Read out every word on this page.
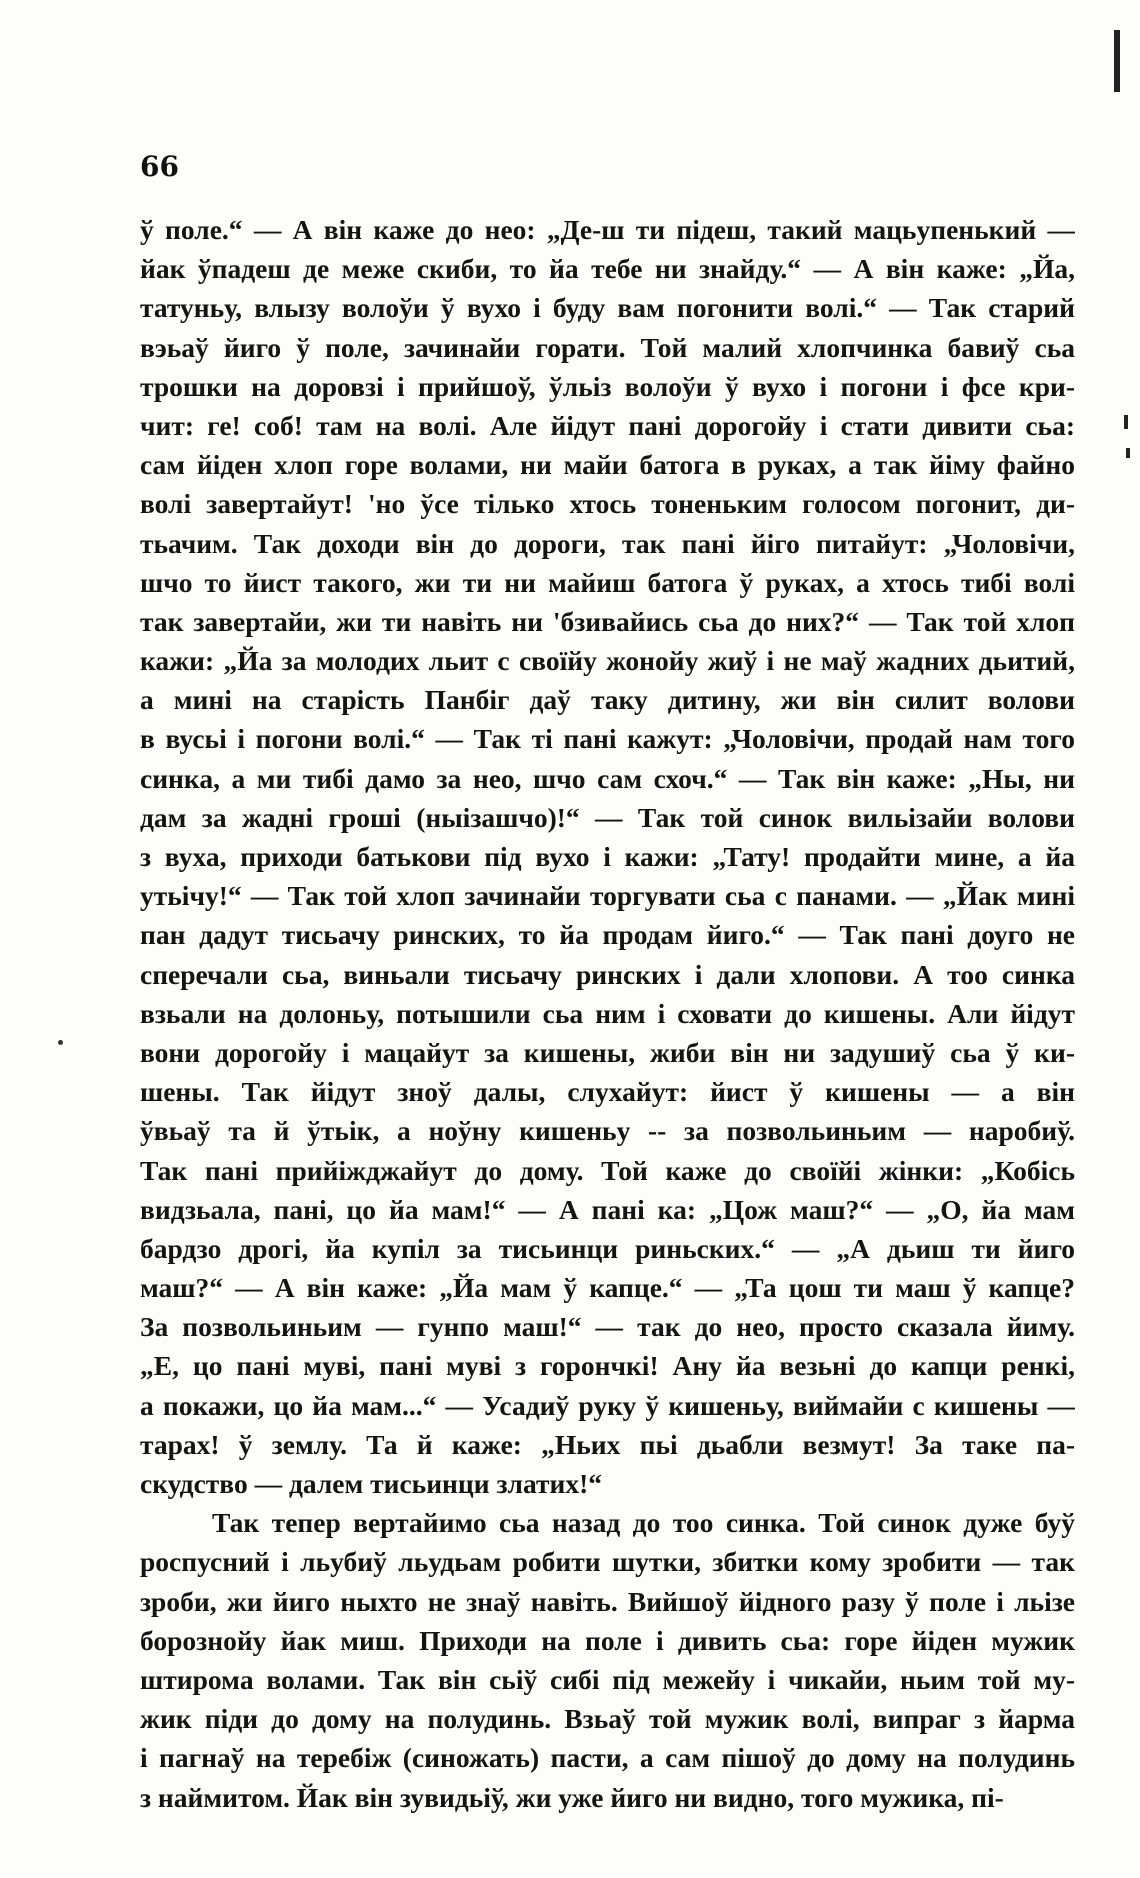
66
ў поле.“ — А він каже до нео: „Де-ш ти підеш, такий мацьупенький —
йак ўпадеш де меже скиби, то йа тебе ни знайду.“ — А він каже: „Йа,
татуньу, влызу волоўи ў вухо і буду вам погонити волі.“ — Так старий
вэьаў йиго ў поле, зачинайи горати. Той малий хлопчинка бавиў сьа
трошки на доровзі і прийшоў, ўльіз волоўи ў вухо і погони і фсе кри-
чит: ге! соб! там на волі. Але йідут пані дорогойу і стати дивити сьа:
сам йіден хлоп горе волами, ни майи батога в руках, а так йіму файно
волі завертайут! 'но ўсе тілько хтось тоненьким голосом погонит, ди-
тьачим. Так доходи він до дороги, так пані йіго питайут: „Чоловічи,
шчо то йист такого, жи ти ни майиш батога ў руках, а хтось тибі волі
так завертайи, жи ти навіть ни 'бзивайись сьа до них?“ — Так той хлоп
кажи: „Йа за молодих льит с своїйу жонойу жиў і не маў жадних дьитий,
а мині на старість Панбіг даў таку дитину, жи він силит волови
в вусьі і погони волі.“ — Так ті пані кажут: „Чоловічи, продай нам того
синка, а ми тибі дамо за нео, шчо сам схоч.“ — Так він каже: „Ны, ни
дам за жадні гроші (ныізашчо)!“ — Так той синок вильізайи волови
з вуха, приходи батькови під вухо і кажи: „Тату! продайти мине, а йа
утьічу!“ — Так той хлоп зачинайи торгувати сьа с панами. — „Йак мині
пан дадут тисьачу ринских, то йа продам йиго.“ — Так пані доуго не
сперечали сьа, виньали тисьачу ринских і дали хлопови. А тоо синка
взьали на долоньу, потышили сьа ним і сховати до кишены. Али йідут
вони дорогойу і мацайут за кишены, жиби він ни задушиў сьа ў ки-
шены. Так йідут зноў далы, слухайут: йист ў кишены — а він
ўвьаў та й ўтьік, а ноўну кишеньу -- за позвольиньим — наробиў.
Так пані прийіжджайут до дому. Той каже до своїйі жінки: „Кобісь
видзьала, пані, цо йа мам!“ — А пані ка: „Цож маш?“ — „О, йа мам
бардзо дрогі, йа купіл за тисьинци риньских.“ — „А дьиш ти йиго
маш?“ — А він каже: „Йа мам ў капце.“ — „Та цош ти маш ў капце?
За позвольиньим — гунпо маш!“ — так до нео, просто сказала йиму.
„Е, цо пані муві, пані муві з горончкі! Ану йа везьні до капци ренкі,
а покажи, цо йа мам...“ — Усадиў руку ў кишеньу, виймайи с кишены —
тарах! ў землу. Та й каже: „Ньих пьі дьабли везмут! За таке па-
скудство — далем тисьинци златих!“
Так тепер вертайимо сьа назад до тоо синка. Той синок дуже буў
роспусний і льубиў льудьам робити шутки, збитки кому зробити — так
зроби, жи йиго ныхто не знаў навіть. Вийшоў йідного разу ў поле і льізе
борознойу йак миш. Приходи на поле і дивить сьа: горе йіден мужик
штиромa волами. Так він сьіў сибі під межейу і чикайи, ньим той му-
жик піди до дому на полудинь. Взьаў той мужик волі, випраг з йарма
і пагнаў на теребіж (синожать) пасти, а сам пішоў до дому на полудинь
з наймитом. Йак він зувидьіў, жи уже йиго ни видно, того мужика, пі-
